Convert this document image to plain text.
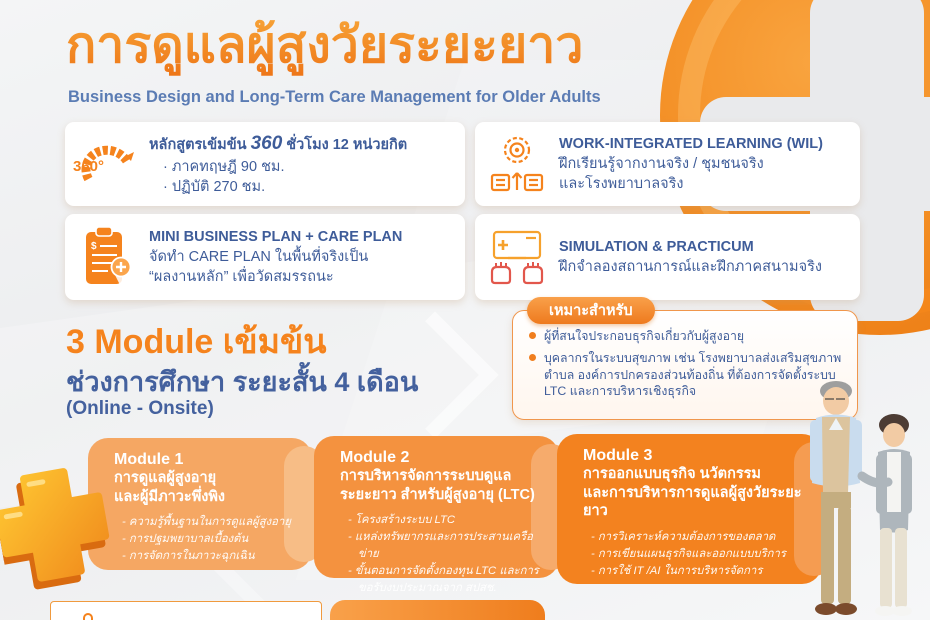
การดูแลผู้สูงวัยระยะยาว
Business Design and Long-Term Care Management for Older Adults
360°
หลักสูตรเข้มข้น 360 ชั่วโมง 12 หน่วยกิต
· ภาคทฤษฎี 90 ชม.
· ปฏิบัติ 270 ชม.
WORK-INTEGRATED LEARNING (WIL)
ฝึกเรียนรู้จากงานจริง / ชุมชนจริง
และโรงพยาบาลจริง
$
MINI BUSINESS PLAN + CARE PLAN
จัดทำ CARE PLAN ในพื้นที่จริงเป็น
“ผลงานหลัก” เพื่อวัดสมรรถนะ
SIMULATION & PRACTICUM
ฝึกจำลองสถานการณ์และฝึกภาคสนามจริง
3 Module เข้มข้น
ช่วงการศึกษา ระยะสั้น 4 เดือน
(Online - Onsite)
เหมาะสำหรับ
ผู้ที่สนใจประกอบธุรกิจเกี่ยวกับผู้สูงอายุ
บุคลากรในระบบสุขภาพ เช่น โรงพยาบาลส่งเสริมสุขภาพตำบล องค์การปกครองส่วนท้องถิ่น ที่ต้องการจัดตั้งระบบ LTC และการบริหารเชิงธุรกิจ
Module 1
การดูแลผู้สูงอายุ
และผู้มีภาวะพึ่งพิง
- ความรู้พื้นฐานในการดูแลผู้สูงอายุ
- การปฐมพยาบาลเบื้องต้น
- การจัดการในภาวะฉุกเฉิน
Module 2
การบริหารจัดการระบบดูแล
ระยะยาว สำหรับผู้สูงอายุ (LTC)
- โครงสร้างระบบ LTC
- แหล่งทรัพยากรและการประสานเครือข่าย
- ขั้นตอนการจัดตั้งกองทุน LTC และการขอรับงบประมาณจาก สปสช.
Module 3
การออกแบบธุรกิจ นวัตกรรม
และการบริหารการดูแลผู้สูงวัยระยะยาว
- การวิเคราะห์ความต้องการของตลาด
- การเขียนแผนธุรกิจและออกแบบบริการ
- การใช้ IT /AI ในการบริหารจัดการ
